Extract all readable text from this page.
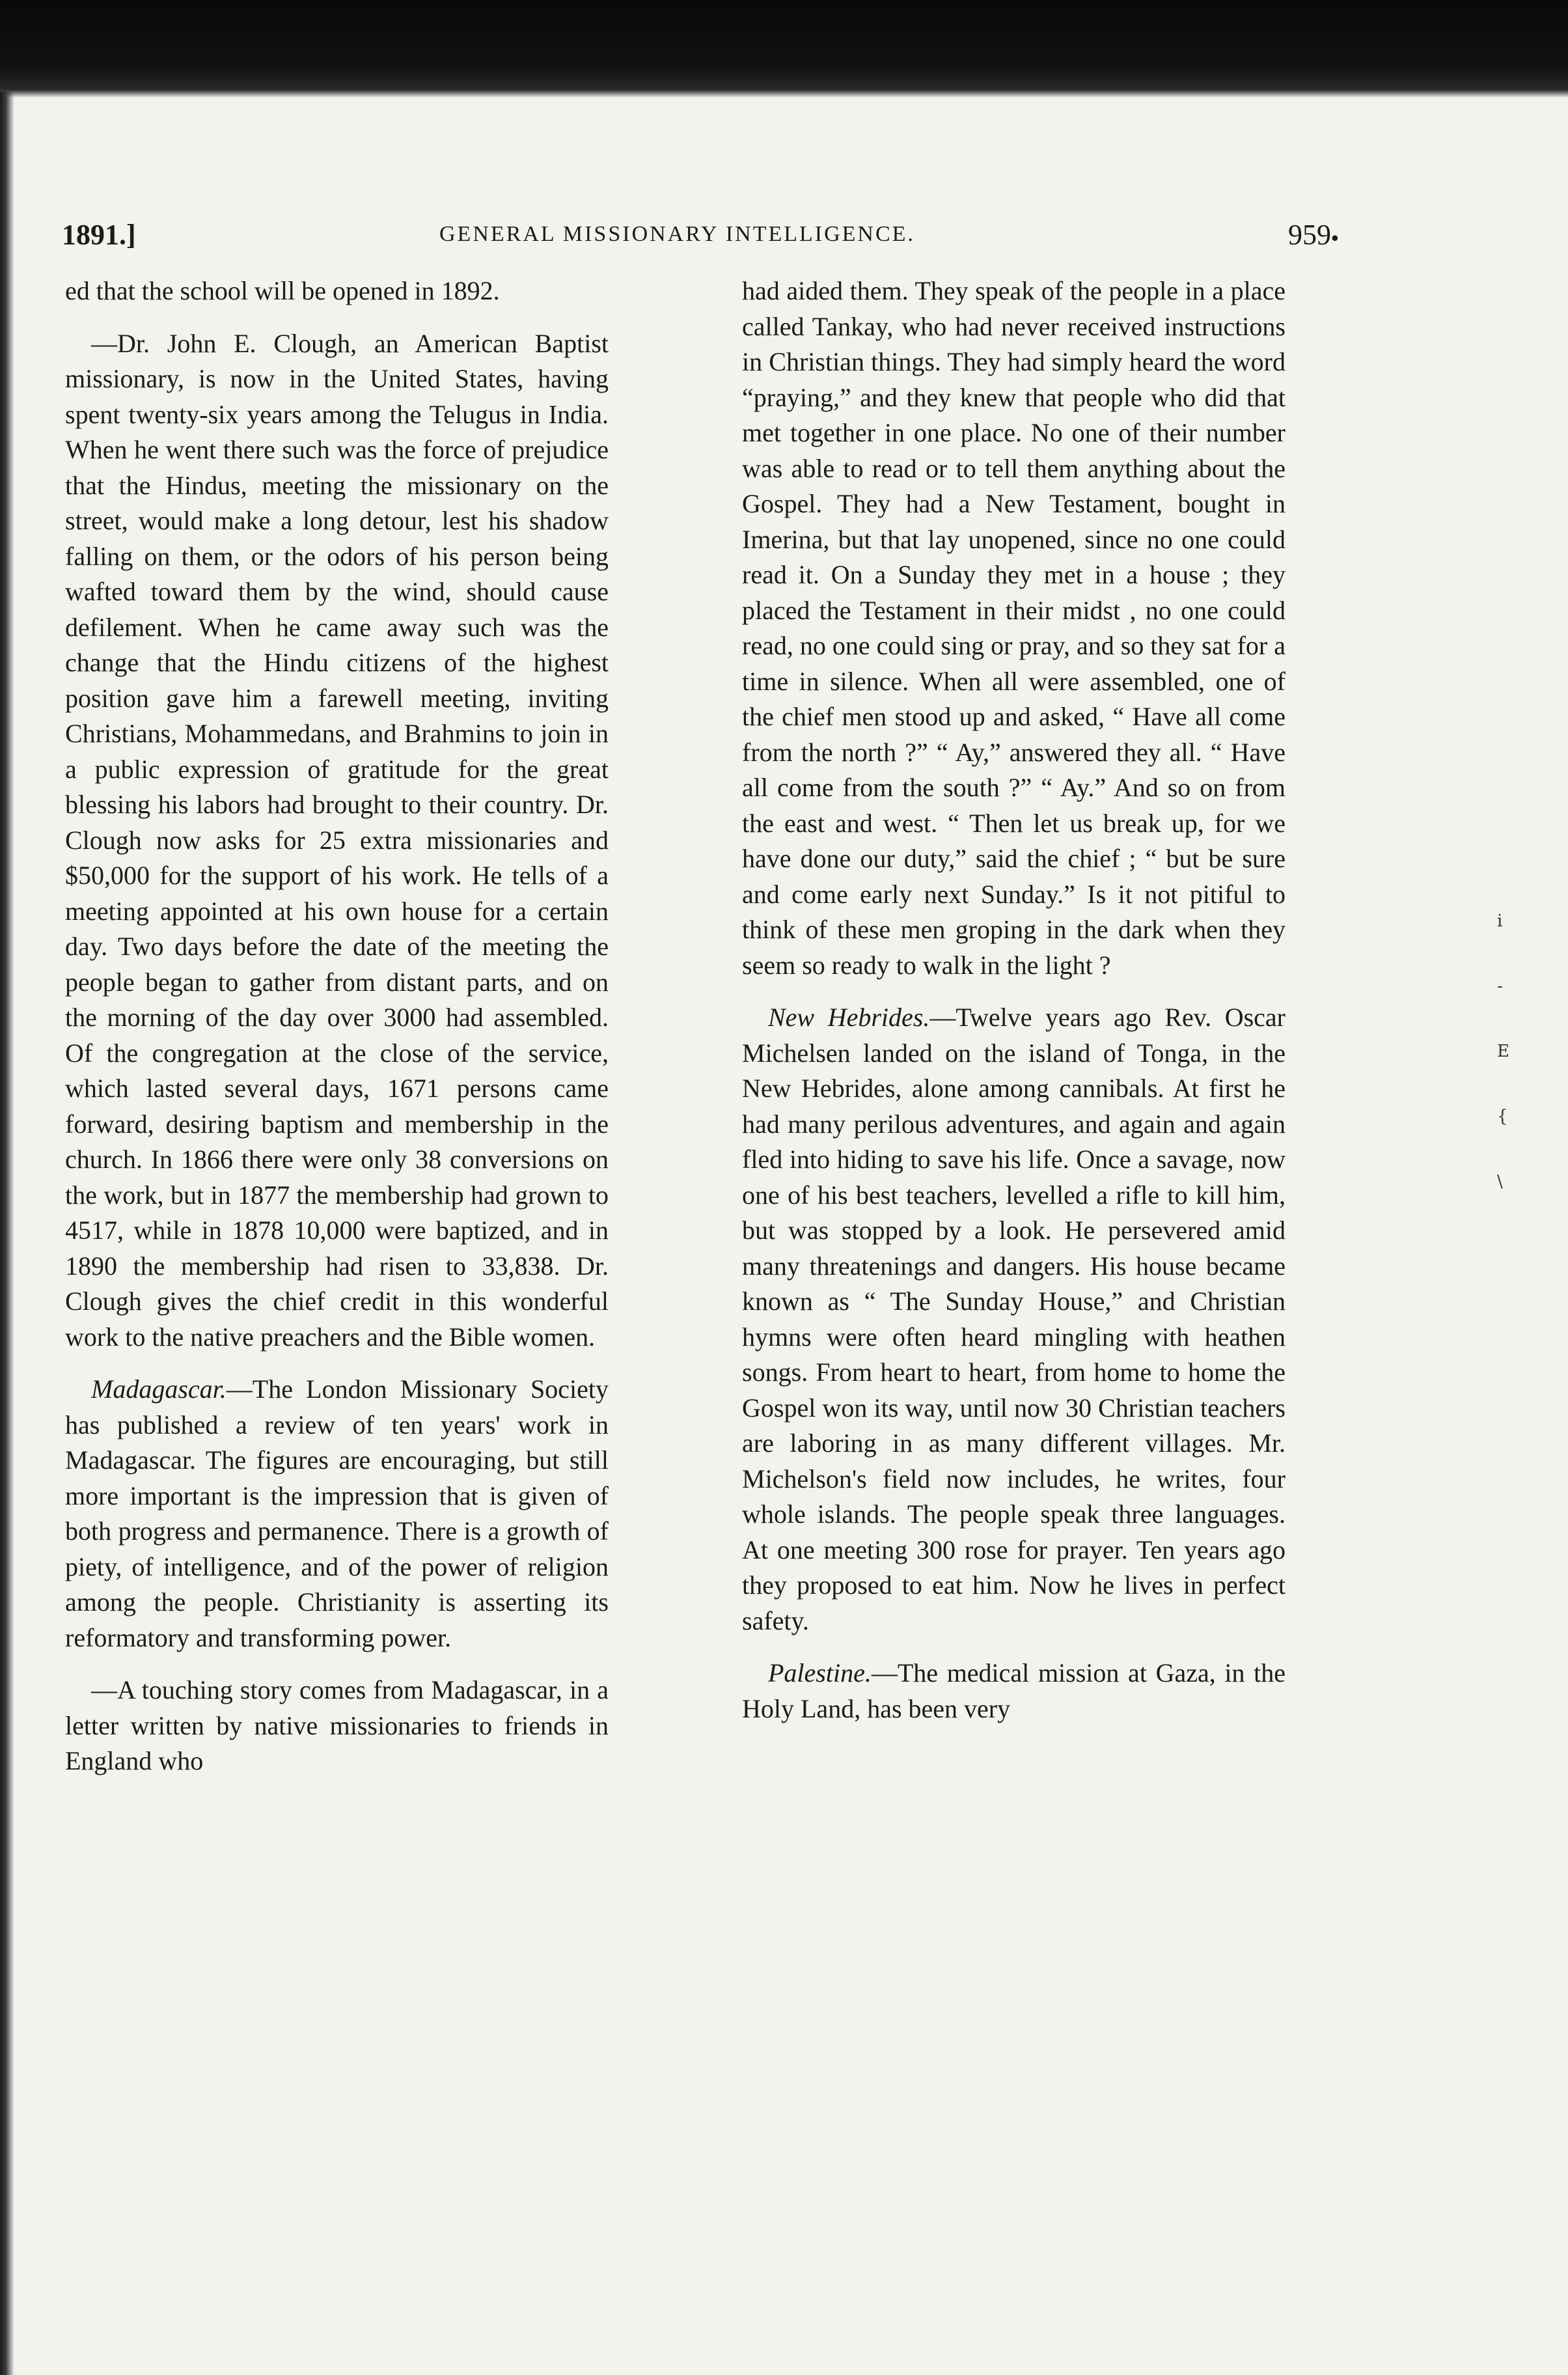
1891.]	GENERAL MISSIONARY INTELLIGENCE.	959
•

ed that the school will be opened in 1892.

—Dr. John E. Clough, an American Baptist missionary, is now in the United States, having spent twenty-six years among the Telugus in India. When he went there such was the force of prejudice that the Hindus, meeting the missionary on the street, would make a long detour, lest his shadow falling on them, or the odors of his person being wafted toward them by the wind, should cause defilement. When he came away such was the change that the Hindu citizens of the highest position gave him a farewell meeting, inviting Christians, Mohammedans, and Brahmins to join in a public expression of gratitude for the great blessing his labors had brought to their country. Dr. Clough now asks for 25 extra missionaries and $50,000 for the support of his work. He tells of a meeting appointed at his own house for a certain day. Two days before the date of the meeting the people began to gather from distant parts, and on the morning of the day over 3000 had assembled. Of the congregation at the close of the service, which lasted several days, 1671 persons came forward, desiring baptism and membership in the church. In 1866 there were only 38 conversions on the work, but in 1877 the membership had grown to 4517, while in 1878 10,000 were baptized, and in 1890 the membership had risen to 33,838. Dr. Clough gives the chief credit in this wonderful work to the native preachers and the Bible women.

Madagascar.—The London Missionary Society has published a review of ten years' work in Madagascar. The figures are encouraging, but still more important is the impression that is given of both progress and permanence. There is a growth of piety, of intelligence, and of the power of religion among the people. Christianity is asserting its reformatory and transforming power.

—A touching story comes from Madagascar, in a letter written by native missionaries to friends in England who

had aided them. They speak of the people in a place called Tankay, who had never received instructions in Christian things. They had simply heard the word “praying,” and they knew that people who did that met together in one place. No one of their number was able to read or to tell them anything about the Gospel. They had a New Testament, bought in Imerina, but that lay unopened, since no one could read it. On a Sunday they met in a house ; they placed the Testament in their midst , no one could read, no one could sing or pray, and so they sat for a time in silence. When all were assembled, one of the chief men stood up and asked, “ Have all come from the north ?” “ Ay,” answered they all. “ Have all come from the south ?” “ Ay.” And so on from the east and west. “ Then let us break up, for we have done our duty,” said the chief ; “ but be sure and come early next Sunday.” Is it not pitiful to think of these men groping in the dark when they seem so ready to walk in the light ?

New Hebrides.—Twelve years ago Rev. Oscar Michelsen landed on the island of Tonga, in the New Hebrides, alone among cannibals. At first he had many perilous adventures, and again and again fled into hiding to save his life. Once a savage, now one of his best teachers, levelled a rifle to kill him, but was stopped by a look. He persevered amid many threatenings and dangers. His house became known as “ The Sunday House,” and Christian hymns were often heard mingling with heathen songs. From heart to heart, from home to home the Gospel won its way, until now 30 Christian teachers are laboring in as many different villages. Mr. Michelson's field now includes, he writes, four whole islands. The people speak three languages. At one meeting 300 rose for prayer. Ten years ago they proposed to eat him. Now he lives in perfect safety.

Palestine.—The medical mission at Gaza, in the Holy Land, has been very

i
-
E
{
\
